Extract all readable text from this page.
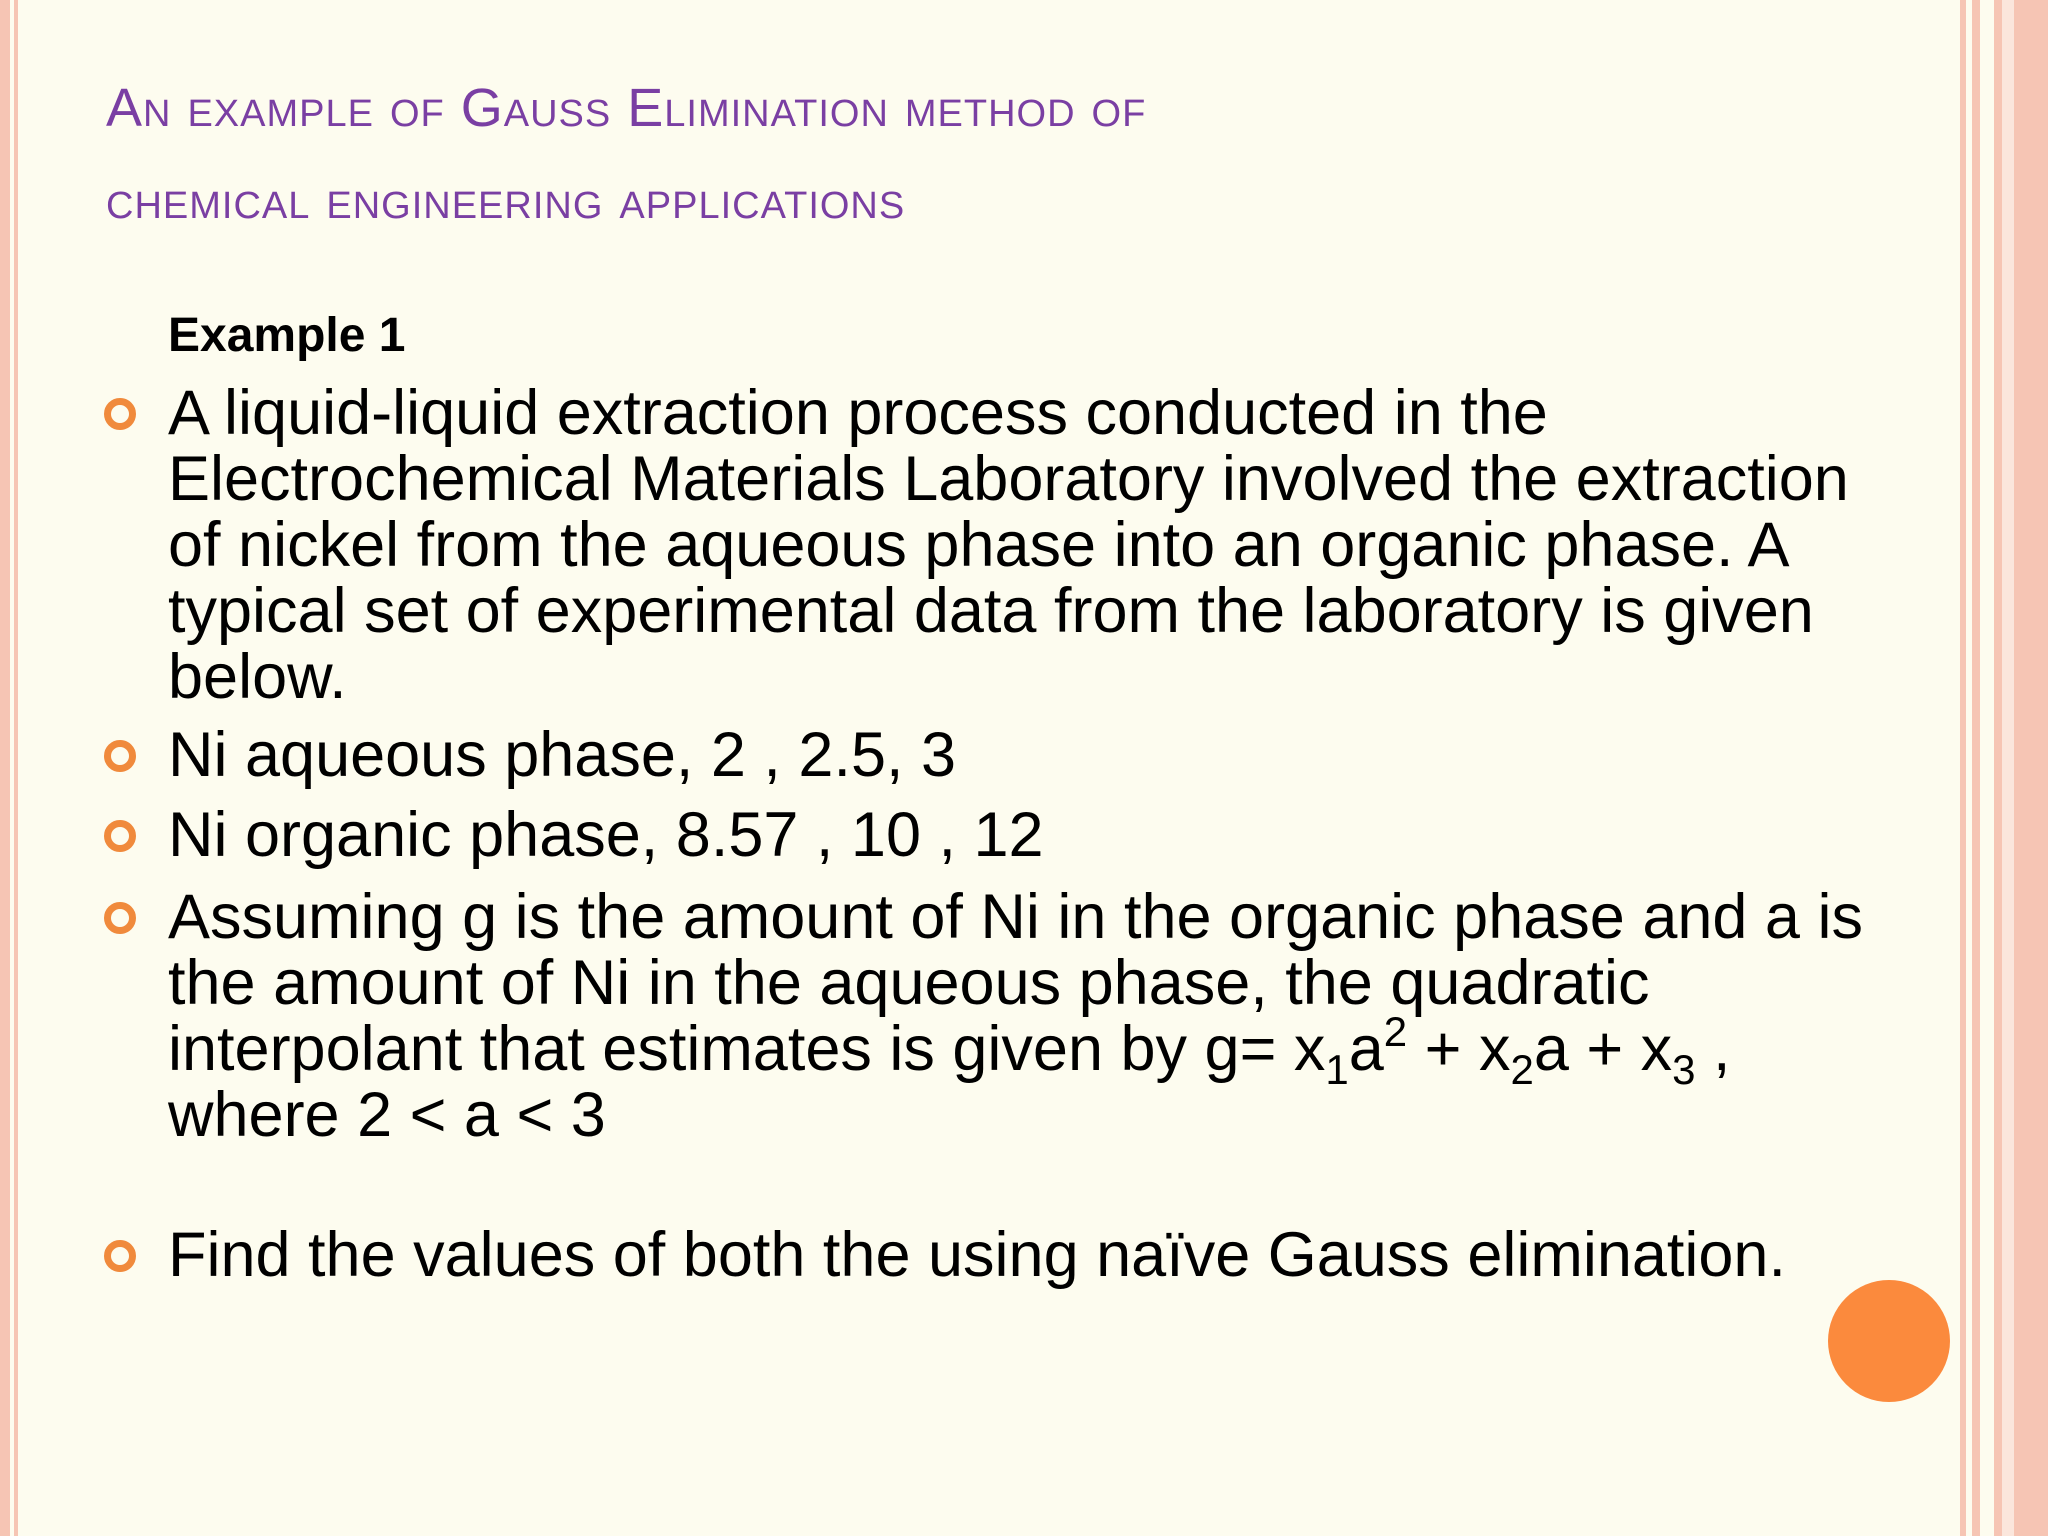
An example of Gauss Elimination method of
chemical engineering applications
Example 1
A liquid-liquid extraction process conducted in the Electrochemical Materials Laboratory involved the extraction of nickel from the aqueous phase into an organic phase. A typical set of experimental data from the laboratory is given below.
Ni aqueous phase, 2 , 2.5, 3
Ni organic phase, 8.57 , 10 , 12
Assuming g is the amount of Ni in the organic phase and a is the amount of Ni in the aqueous phase, the quadratic interpolant that estimates is given by $g= x_1a^2 + x_2a + x_3$ , where 2 < a < 3
Find the values of both the using naïve Gauss elimination.
